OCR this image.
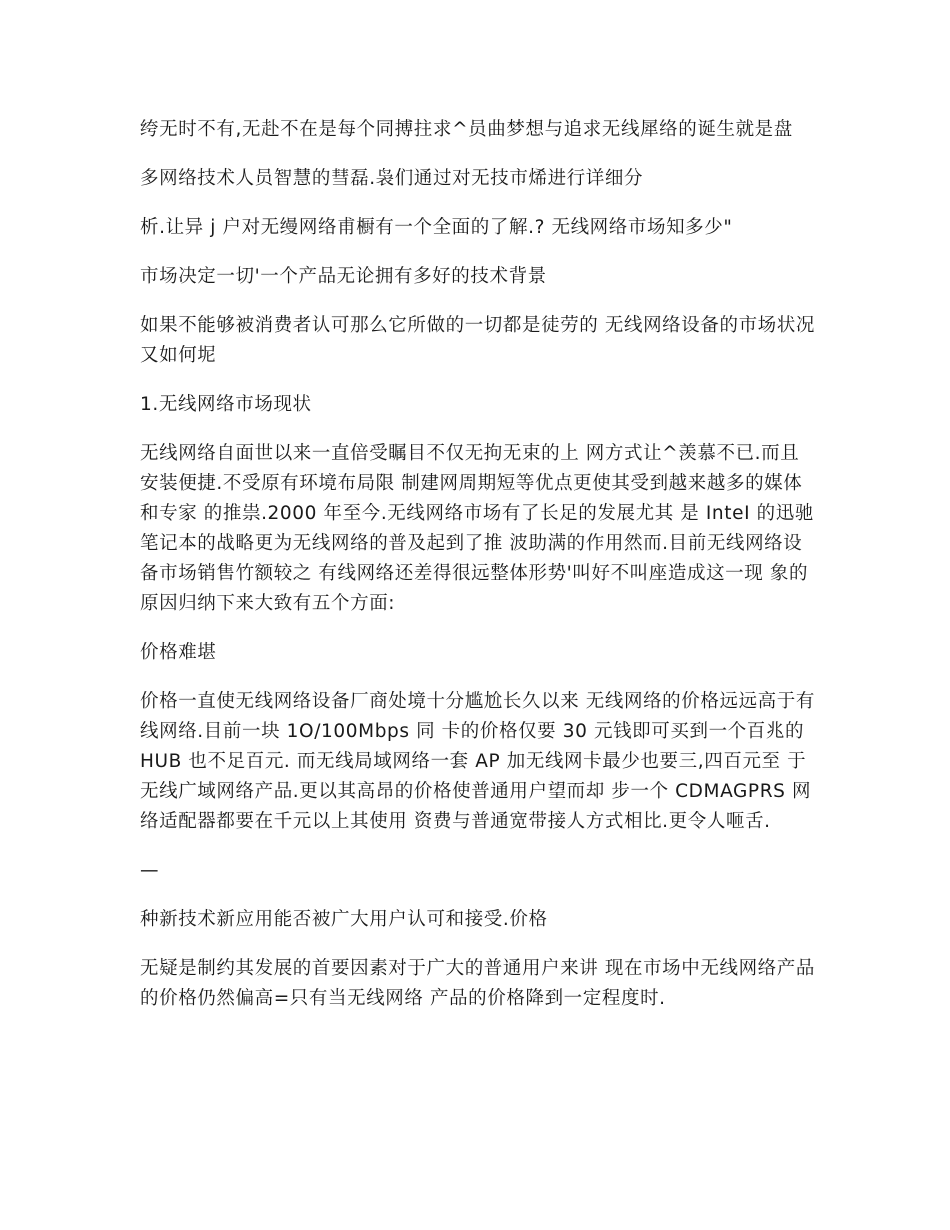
绔无时不有,无赴不在是每个同搏拄求^员曲梦想与追求无线犀络的诞生就是盘

多网络技术人员智慧的彗磊.袅们通过对无技市烯进行详细分

析.让异 j 户对无缦网络甫橱有一个全面的了解.? 无线网络市场知多少"

市场决定一切'一个产品无论拥有多好的技术背景

如果不能够被消费者认可那么它所做的一切都是徒劳的 无线网络设备的市场状况又如何坭

1.无线网络市场现状

无线网络自面世以来一直倍受瞩目不仅无拘无束的上 网方式让^羡慕不已.而且安装便捷.不受原有环境布局限 制建网周期短等优点更使其受到越来越多的媒体和专家 的推祟.2000 年至今.无线网络市场有了长足的发展尤其 是 InteI 的迅驰笔记本的战略更为无线网络的普及起到了推 波助满的作用然而.目前无线网络设备市场销售竹额较之 有线网络还差得很远整体形势'叫好不叫座造成这一现 象的原因归纳下来大致有五个方面:

价格难堪

价格一直使无线网络设备厂商处境十分尴尬长久以来 无线网络的价格远远高于有线网络.目前一块 1O/100Mbps 同 卡的价格仅要 30 元钱即可买到一个百兆的 HUB 也不足百元. 而无线局域网络一套 AP 加无线网卡最少也要三,四百元至 于无线广域网络产品.更以其高昂的价格使普通用户望而却 步一个 CDMAGPRS 网络适配器都要在千元以上其使用 资费与普通宽带接人方式相比.更令人咂舌.

—

种新技术新应用能否被广大用户认可和接受.价格

无疑是制约其发展的首要因素对于广大的普通用户来讲 现在市场中无线网络产品的价格仍然偏高=只有当无线网络 产品的价格降到一定程度时.
